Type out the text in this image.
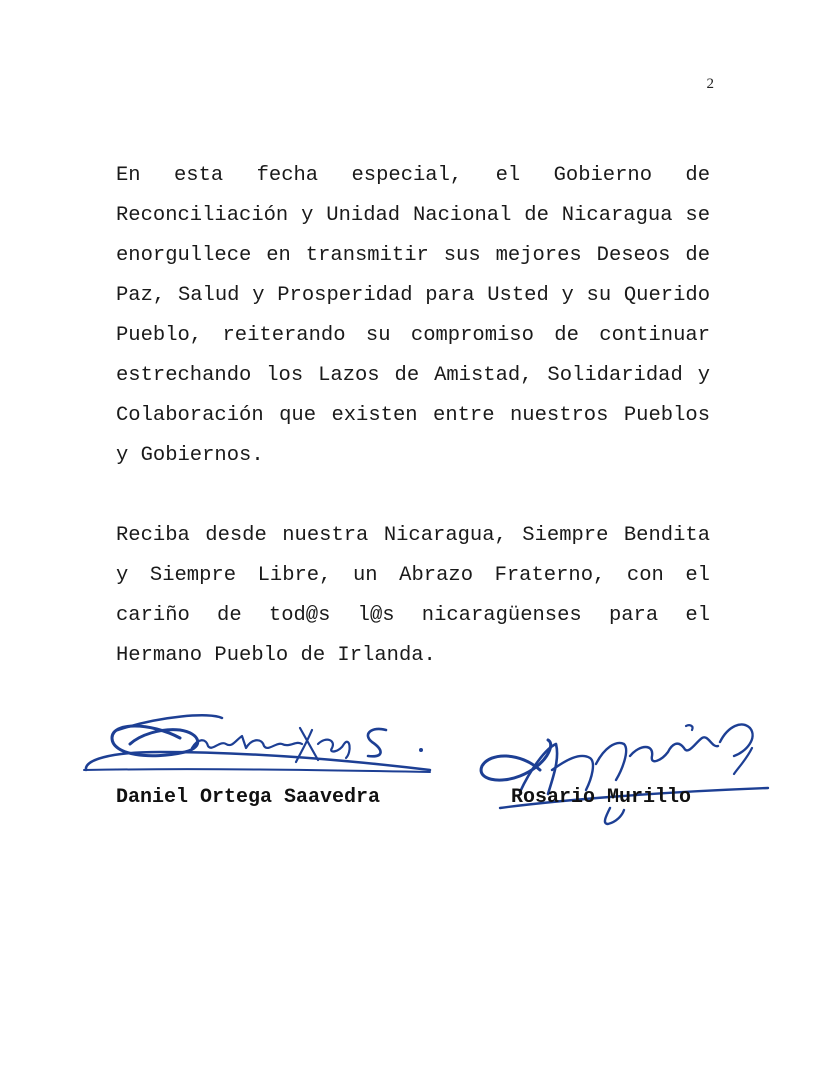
2

En esta fecha especial, el Gobierno de Reconciliación y Unidad Nacional de Nicaragua se enorgullece en transmitir sus mejores Deseos de Paz, Salud y Prosperidad para Usted y su Querido Pueblo, reiterando su compromiso de continuar estrechando los Lazos de Amistad, Solidaridad y Colaboración que existen entre nuestros Pueblos y Gobiernos.

Reciba desde nuestra Nicaragua, Siempre Bendita y Siempre Libre, un Abrazo Fraterno, con el cariño de tod@s l@s nicaragüenses para el Hermano Pueblo de Irlanda.

Daniel Ortega Saavedra	Rosario Murillo
